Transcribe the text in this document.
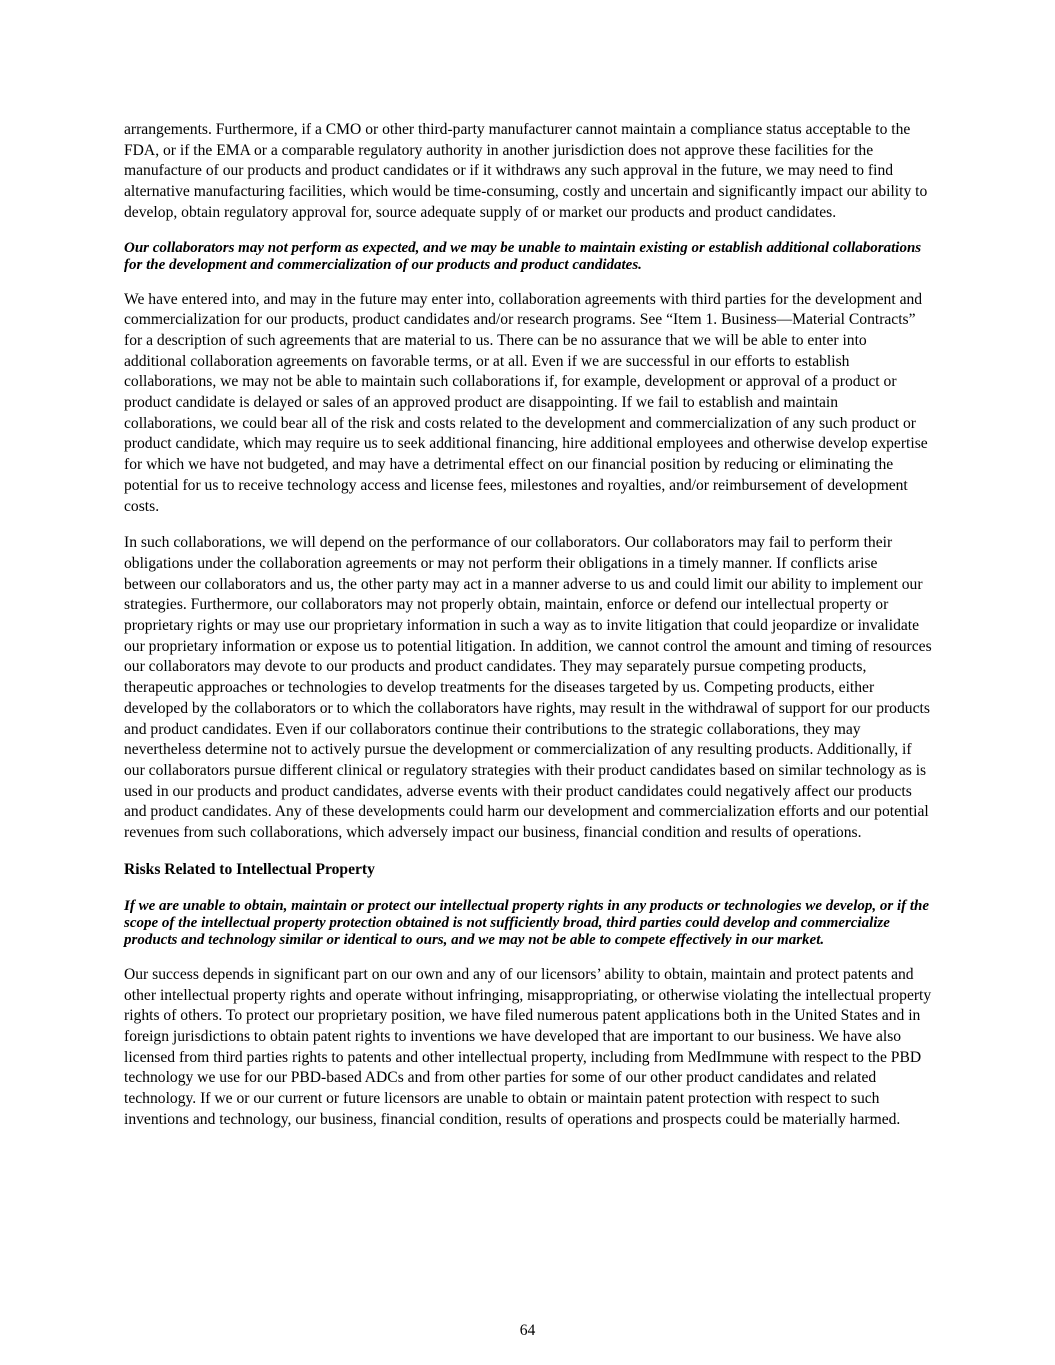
arrangements. Furthermore, if a CMO or other third-party manufacturer cannot maintain a compliance status acceptable to the FDA, or if the EMA or a comparable regulatory authority in another jurisdiction does not approve these facilities for the manufacture of our products and product candidates or if it withdraws any such approval in the future, we may need to find alternative manufacturing facilities, which would be time-consuming, costly and uncertain and significantly impact our ability to develop, obtain regulatory approval for, source adequate supply of or market our products and product candidates.

Our collaborators may not perform as expected, and we may be unable to maintain existing or establish additional collaborations for the development and commercialization of our products and product candidates.

We have entered into, and may in the future may enter into, collaboration agreements with third parties for the development and commercialization for our products, product candidates and/or research programs. See “Item 1. Business—Material Contracts” for a description of such agreements that are material to us. There can be no assurance that we will be able to enter into additional collaboration agreements on favorable terms, or at all. Even if we are successful in our efforts to establish collaborations, we may not be able to maintain such collaborations if, for example, development or approval of a product or product candidate is delayed or sales of an approved product are disappointing. If we fail to establish and maintain collaborations, we could bear all of the risk and costs related to the development and commercialization of any such product or product candidate, which may require us to seek additional financing, hire additional employees and otherwise develop expertise for which we have not budgeted, and may have a detrimental effect on our financial position by reducing or eliminating the potential for us to receive technology access and license fees, milestones and royalties, and/or reimbursement of development costs.

In such collaborations, we will depend on the performance of our collaborators. Our collaborators may fail to perform their obligations under the collaboration agreements or may not perform their obligations in a timely manner. If conflicts arise between our collaborators and us, the other party may act in a manner adverse to us and could limit our ability to implement our strategies. Furthermore, our collaborators may not properly obtain, maintain, enforce or defend our intellectual property or proprietary rights or may use our proprietary information in such a way as to invite litigation that could jeopardize or invalidate our proprietary information or expose us to potential litigation. In addition, we cannot control the amount and timing of resources our collaborators may devote to our products and product candidates. They may separately pursue competing products, therapeutic approaches or technologies to develop treatments for the diseases targeted by us. Competing products, either developed by the collaborators or to which the collaborators have rights, may result in the withdrawal of support for our products and product candidates. Even if our collaborators continue their contributions to the strategic collaborations, they may nevertheless determine not to actively pursue the development or commercialization of any resulting products. Additionally, if our collaborators pursue different clinical or regulatory strategies with their product candidates based on similar technology as is used in our products and product candidates, adverse events with their product candidates could negatively affect our products and product candidates. Any of these developments could harm our development and commercialization efforts and our potential revenues from such collaborations, which adversely impact our business, financial condition and results of operations.

Risks Related to Intellectual Property

If we are unable to obtain, maintain or protect our intellectual property rights in any products or technologies we develop, or if the scope of the intellectual property protection obtained is not sufficiently broad, third parties could develop and commercialize products and technology similar or identical to ours, and we may not be able to compete effectively in our market.

Our success depends in significant part on our own and any of our licensors’ ability to obtain, maintain and protect patents and other intellectual property rights and operate without infringing, misappropriating, or otherwise violating the intellectual property rights of others. To protect our proprietary position, we have filed numerous patent applications both in the United States and in foreign jurisdictions to obtain patent rights to inventions we have developed that are important to our business. We have also licensed from third parties rights to patents and other intellectual property, including from MedImmune with respect to the PBD technology we use for our PBD-based ADCs and from other parties for some of our other product candidates and related technology. If we or our current or future licensors are unable to obtain or maintain patent protection with respect to such inventions and technology, our business, financial condition, results of operations and prospects could be materially harmed.

64
